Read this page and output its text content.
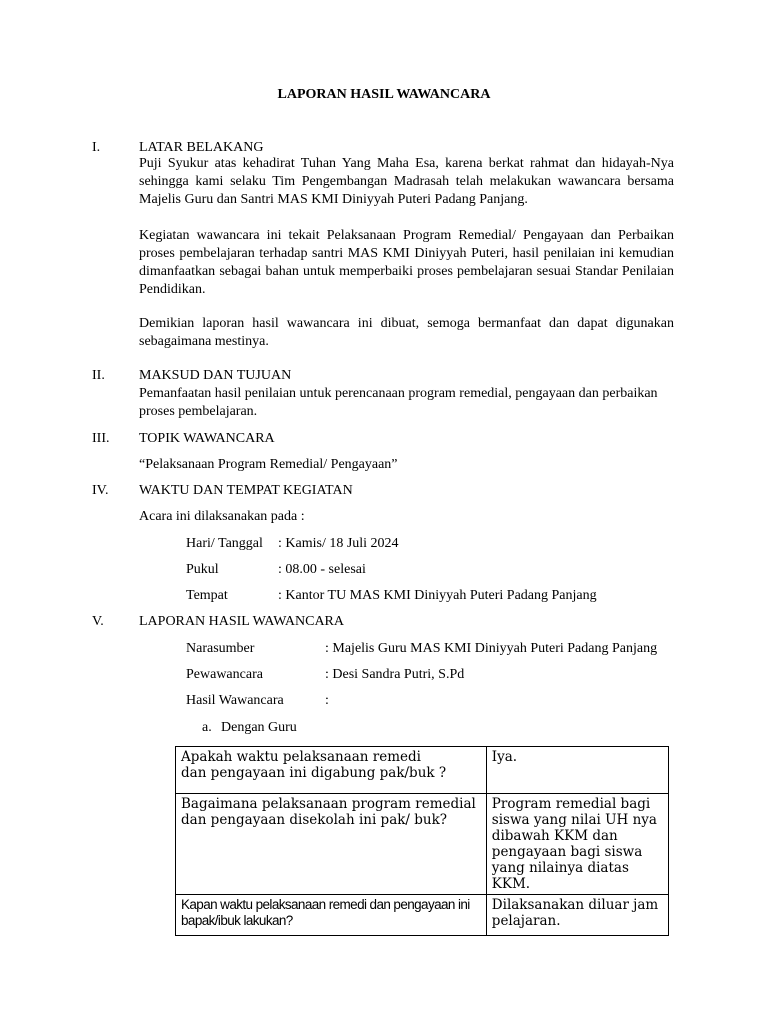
LAPORAN HASIL WAWANCARA
I.	LATAR BELAKANG
Puji Syukur atas kehadirat Tuhan Yang Maha Esa, karena berkat rahmat dan hidayah-Nya sehingga kami selaku Tim Pengembangan Madrasah telah melakukan wawancara bersama Majelis Guru dan Santri MAS KMI Diniyyah Puteri Padang Panjang.
Kegiatan wawancara ini tekait Pelaksanaan Program Remedial/ Pengayaan dan Perbaikan proses pembelajaran terhadap santri MAS KMI Diniyyah Puteri, hasil penilaian ini kemudian dimanfaatkan sebagai bahan untuk memperbaiki proses pembelajaran sesuai Standar Penilaian Pendidikan.
Demikian laporan hasil wawancara ini dibuat, semoga bermanfaat dan dapat digunakan sebagaimana mestinya.
II. MAKSUD DAN TUJUAN
Pemanfaatan hasil penilaian untuk perencanaan program remedial, pengayaan dan perbaikan proses pembelajaran.
III. TOPIK WAWANCARA
“Pelaksanaan Program Remedial/ Pengayaan”
IV. WAKTU DAN TEMPAT KEGIATAN
Acara ini dilaksanakan pada :
Hari/ Tanggal : Kamis/ 18 Juli 2024
Pukul	: 08.00 - selesai
Tempat	: Kantor TU MAS KMI Diniyyah Puteri Padang Panjang
V.	LAPORAN HASIL WAWANCARA
Narasumber	: Majelis Guru MAS KMI Diniyyah Puteri Padang Panjang
Pewawancara	: Desi Sandra Putri, S.Pd
Hasil Wawancara	:
a. Dengan Guru
Apakah waktu pelaksanaan remedi
dan pengayaan ini digabung pak/buk ?	Iya.

Bagaimana pelaksanaan program remedial
dan pengayaan disekolah ini pak/ buk?	Program remedial bagi siswa yang nilai UH nya dibawah KKM dan pengayaan bagi siswa yang nilainya diatas KKM.

Kapan waktu pelaksanaan remedi dan pengayaan ini
bapak/ibuk lakukan?	Dilaksanakan diluar jam pelajaran.
